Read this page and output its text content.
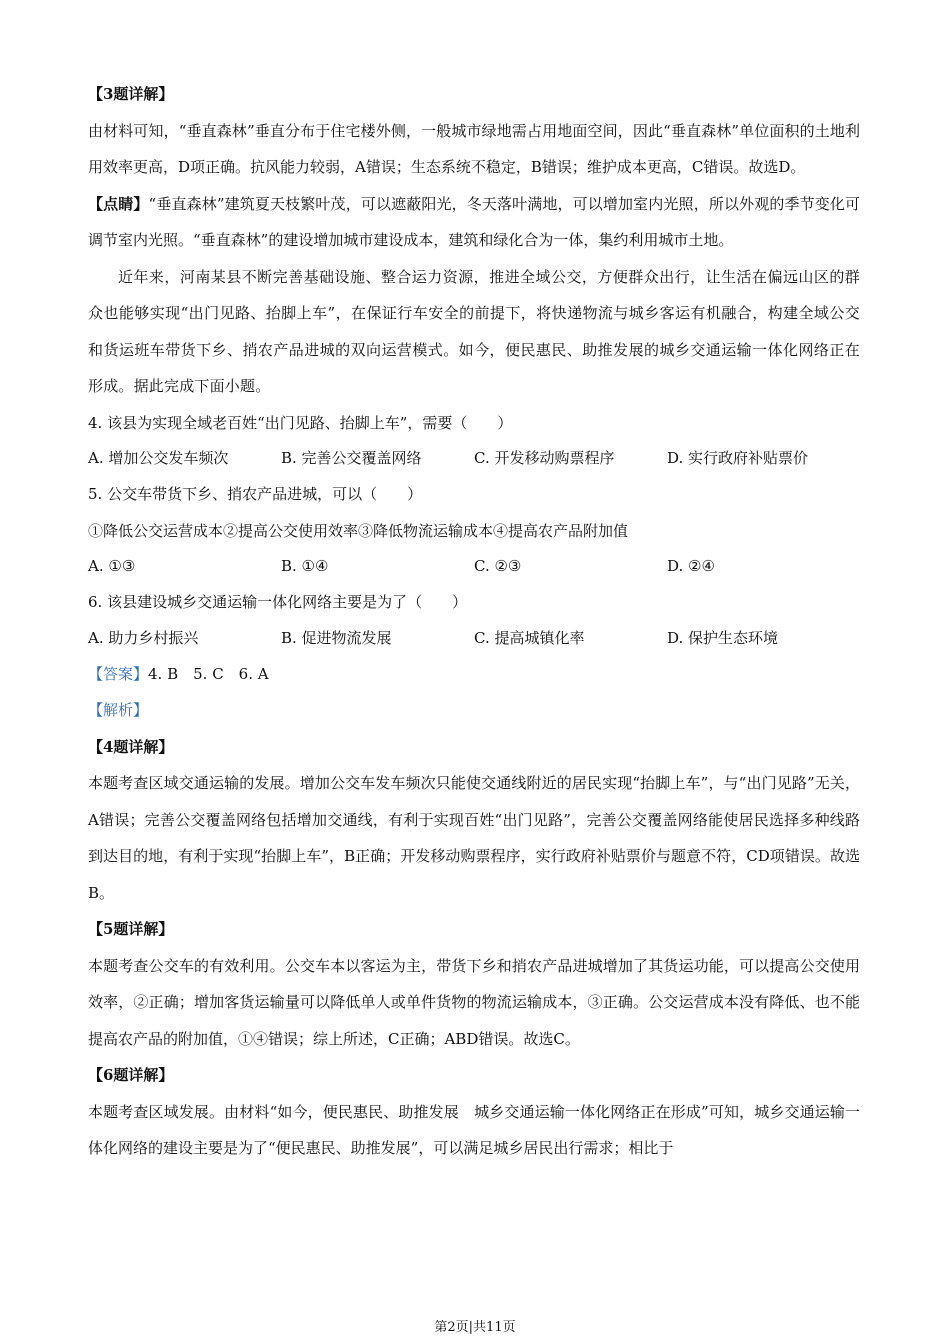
【3题详解】

由材料可知，“垂直森林”垂直分布于住宅楼外侧，一般城市绿地需占用地面空间，因此“垂直森林”单位面积的土地利用效率更高，D项正确。抗风能力较弱，A错误；生态系统不稳定，B错误；维护成本更高，C错误。故选D。

【点睛】“垂直森林”建筑夏天枝繁叶茂，可以遮蔽阳光，冬天落叶满地，可以增加室内光照，所以外观的季节变化可调节室内光照。“垂直森林”的建设增加城市建设成本，建筑和绿化合为一体，集约利用城市土地。

近年来，河南某县不断完善基础设施、整合运力资源，推进全域公交，方便群众出行，让生活在偏远山区的群众也能够实现“出门见路、抬脚上车”，在保证行车安全的前提下，将快递物流与城乡客运有机融合，构建全域公交和货运班车带货下乡、捎农产品进城的双向运营模式。如今，便民惠民、助推发展的城乡交通运输一体化网络正在形成。据此完成下面小题。

4. 该县为实现全域老百姓“出门见路、抬脚上车”，需要（　　）

A. 增加公交发车频次	B. 完善公交覆盖网络	C. 开发移动购票程序	D. 实行政府补贴票价

5. 公交车带货下乡、捎农产品进城，可以（　　）

①降低公交运营成本②提高公交使用效率③降低物流运输成本④提高农产品附加值

A. ①③	B. ①④	C. ②③	D. ②④

6. 该县建设城乡交通运输一体化网络主要是为了（　　）

A. 助力乡村振兴	B. 促进物流发展	C. 提高城镇化率	D. 保护生态环境

【答案】4. B　5. C　6. A

【解析】

【4题详解】

本题考查区域交通运输的发展。增加公交车发车频次只能使交通线附近的居民实现“抬脚上车”，与“出门见路”无关，A错误；完善公交覆盖网络包括增加交通线，有利于实现百姓“出门见路”，完善公交覆盖网络能使居民选择多种线路到达目的地，有利于实现“抬脚上车”，B正确；开发移动购票程序，实行政府补贴票价与题意不符，CD项错误。故选B。

【5题详解】

本题考查公交车的有效利用。公交车本以客运为主，带货下乡和捎农产品进城增加了其货运功能，可以提高公交使用效率，②正确；增加客货运输量可以降低单人或单件货物的物流运输成本，③正确。公交运营成本没有降低、也不能提高农产品的附加值，①④错误；综上所述，C正确；ABD错误。故选C。

【6题详解】

本题考查区域发展。由材料“如今，便民惠民、助推发展　城乡交通运输一体化网络正在形成”可知，城乡交通运输一体化网络的建设主要是为了“便民惠民、助推发展”，可以满足城乡居民出行需求；相比于

第2页|共11页
